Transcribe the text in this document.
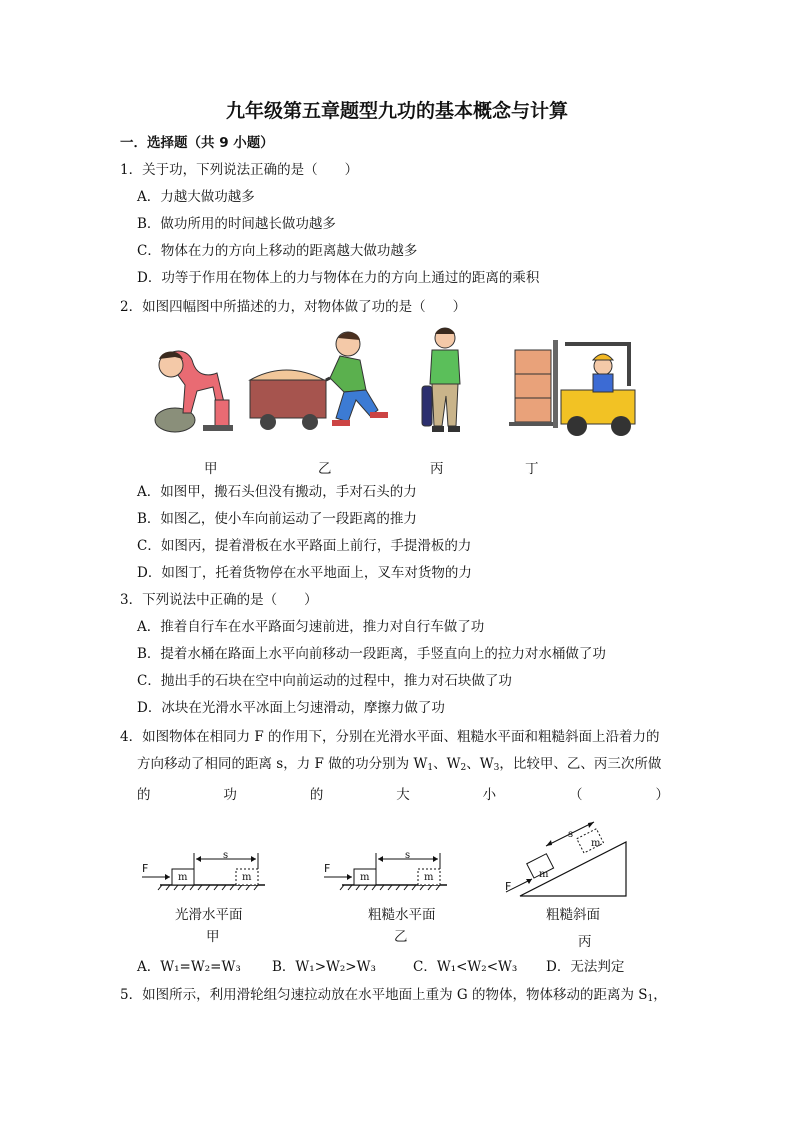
九年级第五章题型九功的基本概念与计算
一．选择题（共 9 小题）
1．关于功，下列说法正确的是（　　）
A．力越大做功越多
B．做功所用的时间越长做功越多
C．物体在力的方向上移动的距离越大做功越多
D．功等于作用在物体上的力与物体在力的方向上通过的距离的乘积
2．如图四幅图中所描述的力，对物体做了功的是（　　）
甲	乙	丙	丁
A．如图甲，搬石头但没有搬动，手对石头的力
B．如图乙，使小车向前运动了一段距离的推力
C．如图丙，提着滑板在水平路面上前行，手提滑板的力
D．如图丁，托着货物停在水平地面上，叉车对货物的力
3．下列说法中正确的是（　　）
A．推着自行车在水平路面匀速前进，推力对自行车做了功
B．提着水桶在路面上水平向前移动一段距离，手竖直向上的拉力对水桶做了功
C．抛出手的石块在空中向前运动的过程中，推力对石块做了功
D．冰块在光滑水平冰面上匀速滑动，摩擦力做了功
4．如图物体在相同力 F 的作用下，分别在光滑水平面、粗糙水平面和粗糙斜面上沿着力的
方向移动了相同的距离 s，力 F 做的功分别为 $W_1$、$W_2$、$W_3$，比较甲、乙、丙三次所做
的	功	的	大	小	（	）
F
m	m
s
F
m	m
s
F
m
m
s
光滑水平面
甲
粗糙水平面
乙
粗糙斜面
丙
A．W₁=W₂=W₃ B．W₁>W₂>W₃	C．W₁<W₂<W₃ D．无法判定
5．如图所示，利用滑轮组匀速拉动放在水平地面上重为 G 的物体，物体移动的距离为 $S_1$，
